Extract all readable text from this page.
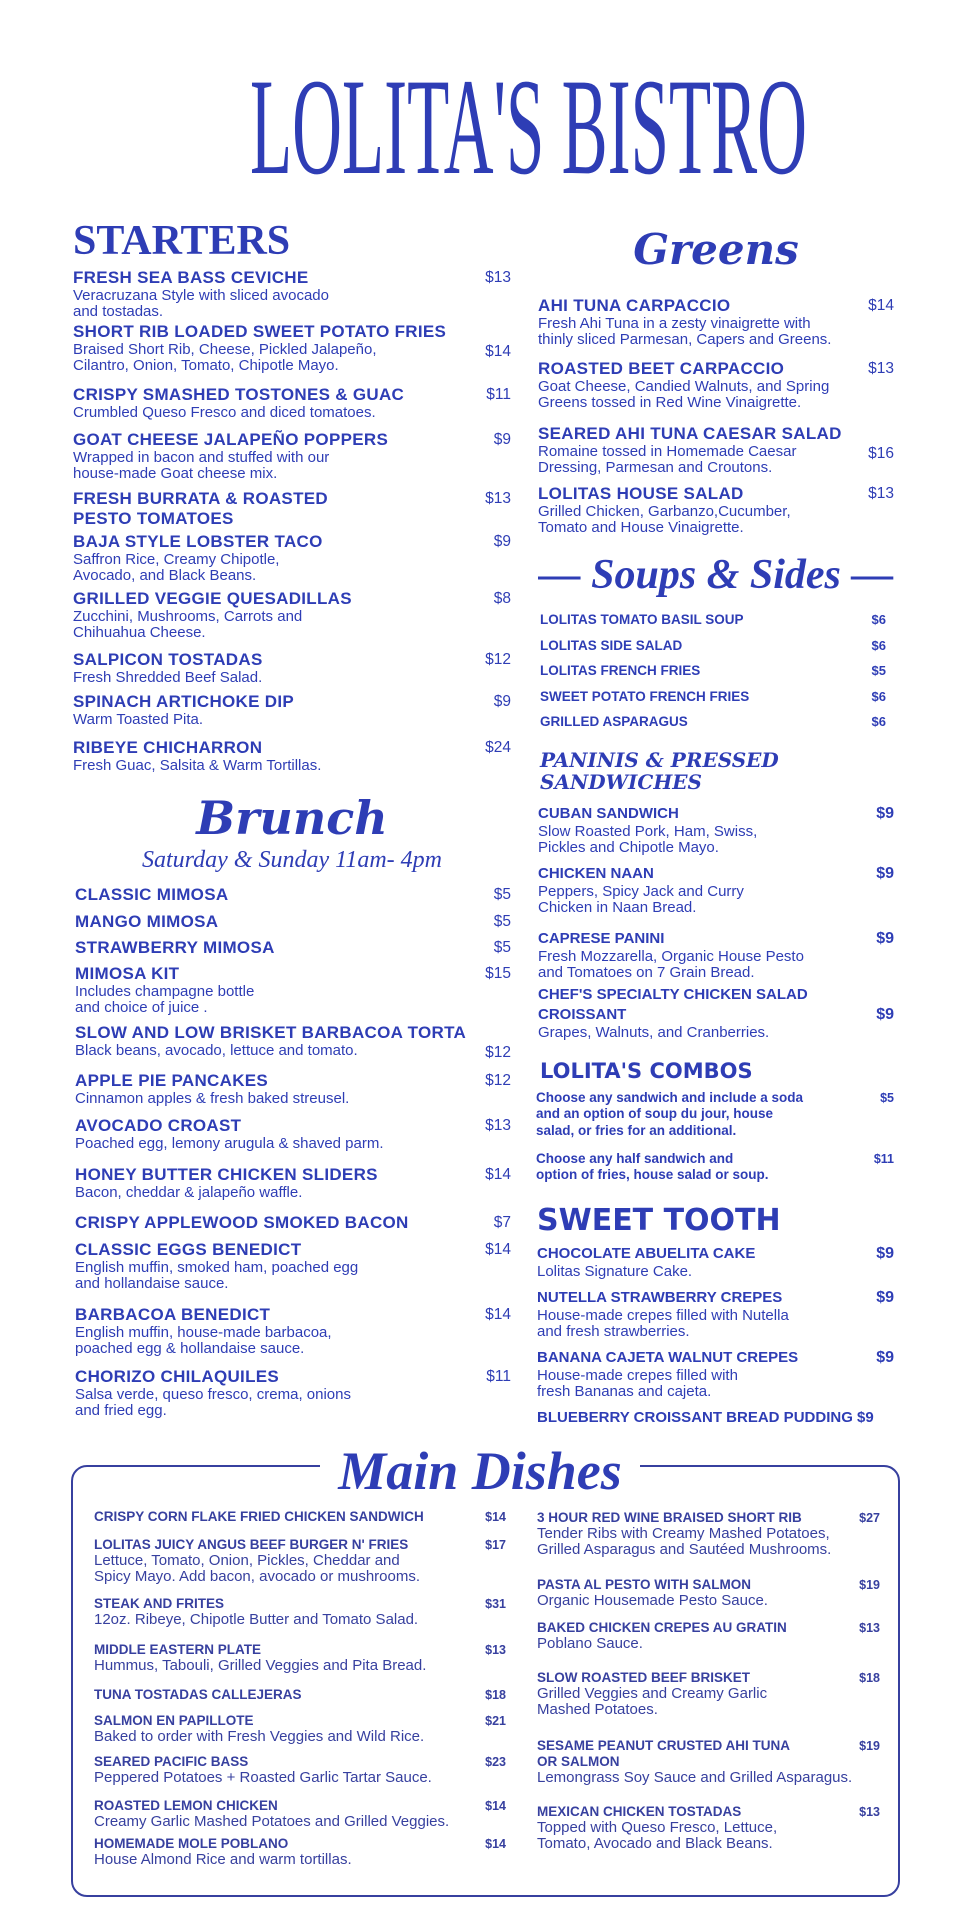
LOLITA'S BISTRO
STARTERS
Brunch
Saturday & Sunday 11am- 4pm
Greens
— Soups & Sides —
PANINIS & PRESSED SANDWICHES
LOLITA'S COMBOS
SWEET TOOTH
Main Dishes
FRESH SEA BASS CEVICHE
Veracruzana Style with sliced avocado
and tostadas.
$13
SHORT RIB LOADED SWEET POTATO FRIES
Braised Short Rib, Cheese, Pickled Jalapeño,
Cilantro, Onion, Tomato, Chipotle Mayo.
$14
CRISPY SMASHED TOSTONES & GUAC
Crumbled Queso Fresco and diced tomatoes.
$11
GOAT CHEESE JALAPEÑO POPPERS
Wrapped in bacon and stuffed with our
house-made Goat cheese mix.
$9
FRESH BURRATA & ROASTED PESTO TOMATOES
$13
BAJA STYLE LOBSTER TACO
Saffron Rice, Creamy Chipotle,
Avocado, and Black Beans.
$9
GRILLED VEGGIE QUESADILLAS
Zucchini, Mushrooms, Carrots and
Chihuahua Cheese.
$8
SALPICON TOSTADAS
Fresh Shredded Beef Salad.
$12
SPINACH ARTICHOKE DIP
Warm Toasted Pita.
$9
RIBEYE CHICHARRON
Fresh Guac, Salsita & Warm Tortillas.
$24
CLASSIC MIMOSA	$5
MANGO MIMOSA	$5
STRAWBERRY MIMOSA	$5
MIMOSA KIT
Includes champagne bottle
and choice of juice .
$15
SLOW AND LOW BRISKET BARBACOA TORTA
Black beans, avocado, lettuce and tomato.	$12
APPLE PIE PANCAKES
Cinnamon apples & fresh baked streusel.
$12
AVOCADO CROAST
Poached egg, lemony arugula & shaved parm.
$13
HONEY BUTTER CHICKEN SLIDERS
Bacon, cheddar & jalapeño waffle.
$14
CRISPY APPLEWOOD SMOKED BACON	$7
CLASSIC EGGS BENEDICT
English muffin, smoked ham, poached egg
and hollandaise sauce.
$14
BARBACOA BENEDICT
English muffin, house-made barbacoa,
poached egg & hollandaise sauce.
$14
CHORIZO CHILAQUILES
Salsa verde, queso fresco, crema, onions
and fried egg.
$11
AHI TUNA CARPACCIO
Fresh Ahi Tuna in a zesty vinaigrette with
thinly sliced Parmesan, Capers and Greens.
$14
ROASTED BEET CARPACCIO
Goat Cheese, Candied Walnuts, and Spring
Greens tossed in Red Wine Vinaigrette.
$13
SEARED AHI TUNA CAESAR SALAD
Romaine tossed in Homemade Caesar
Dressing, Parmesan and Croutons.
$16
LOLITAS HOUSE SALAD
Grilled Chicken, Garbanzo,Cucumber,
Tomato and House Vinaigrette.
$13
LOLITAS TOMATO BASIL SOUP	$6
LOLITAS SIDE SALAD	$6
LOLITAS FRENCH FRIES	$5
SWEET POTATO FRENCH FRIES	$6
GRILLED ASPARAGUS	$6
CUBAN SANDWICH
Slow Roasted Pork, Ham, Swiss,
Pickles and Chipotle Mayo.
$9
CHICKEN NAAN
Peppers, Spicy Jack and Curry
Chicken in Naan Bread.
$9
CAPRESE PANINI
Fresh Mozzarella, Organic House Pesto
and Tomatoes on 7 Grain Bread.
$9
CHEF'S SPECIALTY CHICKEN SALAD CROISSANT
Grapes, Walnuts, and Cranberries.
$9
Choose any sandwich and include a soda
and an option of soup du jour, house
salad, or fries for an additional.
$5
Choose any half sandwich and
option of fries, house salad or soup.
$11
CHOCOLATE ABUELITA CAKE
Lolitas Signature Cake.
$9
NUTELLA STRAWBERRY CREPES
House-made crepes filled with Nutella
and fresh strawberries.
$9
BANANA CAJETA WALNUT CREPES
House-made crepes filled with
fresh Bananas and cajeta.
$9
BLUEBERRY CROISSANT BREAD PUDDING $9
CRISPY CORN FLAKE FRIED CHICKEN SANDWICH	$14
LOLITAS JUICY ANGUS BEEF BURGER N' FRIES
Lettuce, Tomato, Onion, Pickles, Cheddar and
Spicy Mayo. Add bacon, avocado or mushrooms.
$17
STEAK AND FRITES
12oz. Ribeye, Chipotle Butter and Tomato Salad.
$31
MIDDLE EASTERN PLATE
Hummus, Tabouli, Grilled Veggies and Pita Bread.
$13
TUNA TOSTADAS CALLEJERAS	$18
SALMON EN PAPILLOTE
Baked to order with Fresh Veggies and Wild Rice.
$21
SEARED PACIFIC BASS
Peppered Potatoes + Roasted Garlic Tartar Sauce.
$23
ROASTED LEMON CHICKEN
Creamy Garlic Mashed Potatoes and Grilled Veggies.
$14
HOMEMADE MOLE POBLANO
House Almond Rice and warm tortillas.
$14
3 HOUR RED WINE BRAISED SHORT RIB
Tender Ribs with Creamy Mashed Potatoes,
Grilled Asparagus and Sautéed Mushrooms.
$27
PASTA AL PESTO WITH SALMON
Organic Housemade Pesto Sauce.
$19
BAKED CHICKEN CREPES AU GRATIN
Poblano Sauce.
$13
SLOW ROASTED BEEF BRISKET
Grilled Veggies and Creamy Garlic
Mashed Potatoes.
$18
SESAME PEANUT CRUSTED AHI TUNA OR SALMON
Lemongrass Soy Sauce and Grilled Asparagus.
$19
MEXICAN CHICKEN TOSTADAS
Topped with Queso Fresco, Lettuce,
Tomato, Avocado and Black Beans.
$13
